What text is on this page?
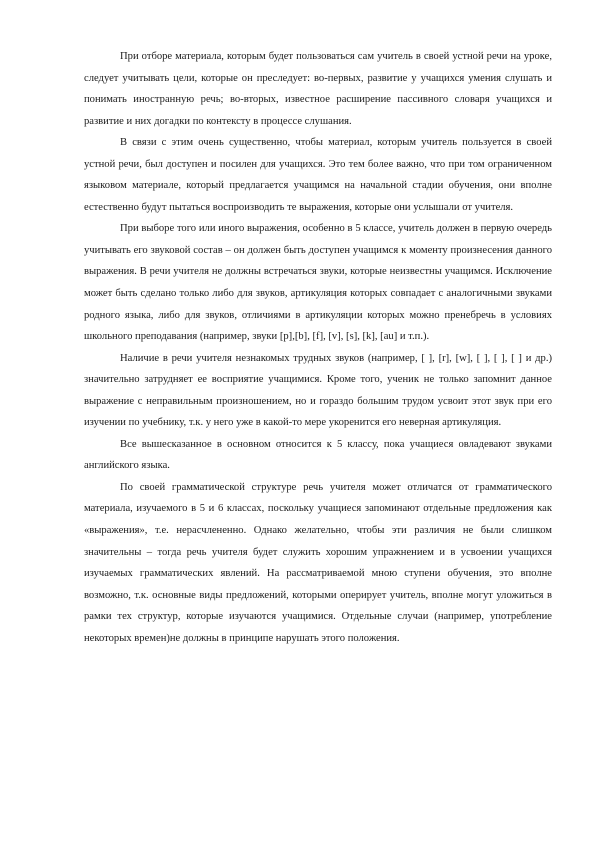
При отборе материала, которым будет пользоваться сам учитель в своей устной речи на уроке, следует учитывать цели, которые он преследует: во-первых, развитие у учащихся умения слушать и понимать иностранную речь; во-вторых, известное расширение пассивного словаря учащихся и развитие и них догадки по контексту в процессе слушания.

В связи с этим очень существенно, чтобы материал, которым учитель пользуется в своей устной речи, был доступен и посилен для учащихся. Это тем более важно, что при том ограниченном языковом материале, который предлагается учащимся на начальной стадии обучения, они вполне естественно будут пытаться воспроизводить те выражения, которые они услышали от учителя.

При выборе того или иного выражения, особенно в 5 классе, учитель должен в первую очередь учитывать его звуковой состав – он должен быть доступен учащимся к моменту произнесения данного выражения. В речи учителя не должны встречаться звуки, которые неизвестны учащимся. Исключение может быть сделано только либо для звуков, артикуляция которых совпадает с аналогичными звуками родного языка, либо для звуков, отличиями в артикуляции которых можно пренебречь в условиях школьного преподавания (например, звуки [p],[b], [f], [v], [s], [k], [au] и т.п.).

Наличие в речи учителя незнакомых трудных звуков (например, [ ], [r], [w], [ ], [ ], [ ] и др.) значительно затрудняет ее восприятие учащимися. Кроме того, ученик не только запомнит данное выражение с неправильным произношением, но и гораздо большим трудом усвоит этот звук при его изучении по учебнику, т.к. у него уже в какой-то мере укоренится его неверная артикуляция.

Все вышесказанное в основном относится к 5 классу, пока учащиеся овладевают звуками английского языка.

По своей грамматической структуре речь учителя может отличатся от грамматического материала, изучаемого в 5 и 6 классах, поскольку учащиеся запоминают отдельные предложения как «выражения», т.е. нерасчлененно. Однако желательно, чтобы эти различия не были слишком значительны – тогда речь учителя будет служить хорошим упражнением и в усвоении учащихся изучаемых грамматических явлений. На рассматриваемой мною ступени обучения, это вполне возможно, т.к. основные виды предложений, которыми оперирует учитель, вполне могут уложиться в рамки тех структур, которые изучаются учащимися. Отдельные случаи (например, употребление некоторых времен)не должны в принципе нарушать этого положения.
